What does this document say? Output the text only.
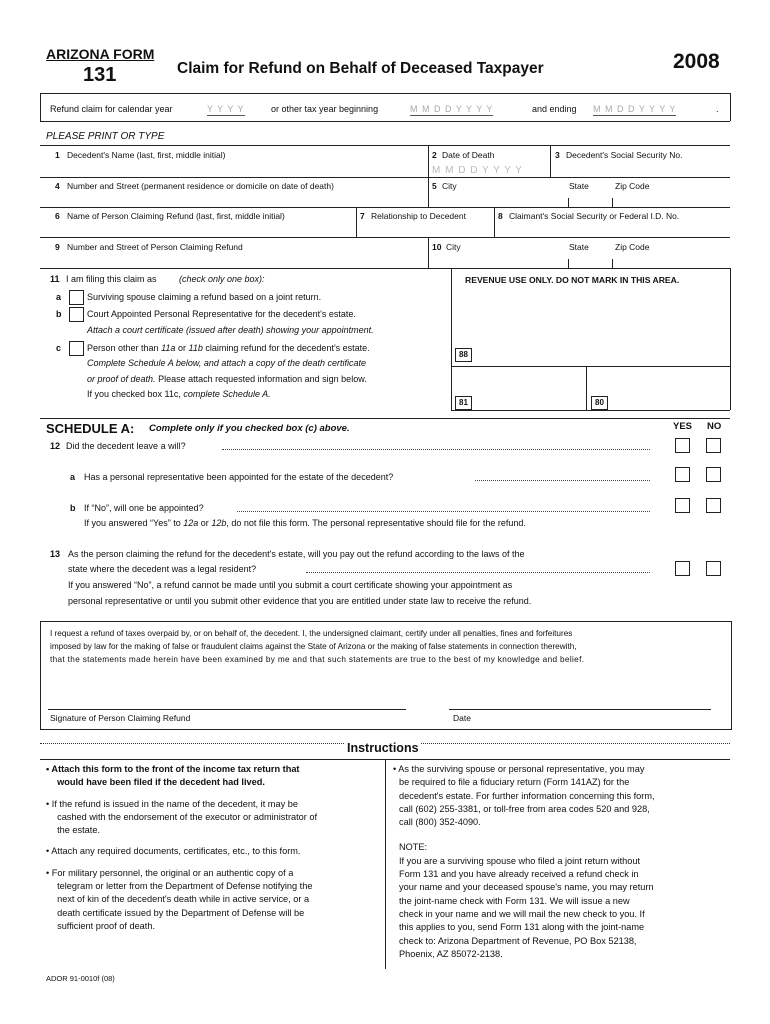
ARIZONA FORM
131	Claim for Refund on Behalf of Deceased Taxpayer	2008
Refund claim for calendar year	Y Y Y Y	or other tax year beginning	M M D D Y Y Y Y	and ending M M D D Y Y Y Y	.
PLEASE PRINT OR TYPE
1 Decedent's Name (last, first, middle initial)	2 Date of Death
M M D D Y Y Y Y
3 Decedent's Social Security No.
4 Number and Street (permanent residence or domicile on date of death)	5 City	State	Zip Code
6 Name of Person Claiming Refund (last, first, middle initial)	7 Relationship to Decedent	8 Claimant's Social Security or Federal I.D. No.
9 Number and Street of Person Claiming Refund	10 City	State	Zip Code
11 I am filing this claim as (check only one box):
a	Surviving spouse claiming a refund based on a joint return.
b	Court Appointed Personal Representative for the decedent's estate.
Attach a court certificate (issued after death) showing your appointment.
c	Person other than 11a or 11b claiming refund for the decedent's estate.
Complete Schedule A below, and attach a copy of the death certificate
or proof of death. Please attach requested information and sign below.
If you checked box 11c, complete Schedule A.
REVENUE USE ONLY. DO NOT MARK IN THIS AREA.
88
81	80
SCHEDULE A: Complete only if you checked box (c) above.	YES NO
12 Did the decedent leave a will?
a Has a personal representative been appointed for the estate of the decedent?
b If “No”, will one be appointed?
If you answered “Yes” to 12a or 12b, do not file this form. The personal representative should file for the refund.
13 As the person claiming the refund for the decedent's estate, will you pay out the refund according to the laws of the
state where the decedent was a legal resident?
If you answered “No”, a refund cannot be made until you submit a court certificate showing your appointment as
personal representative or until you submit other evidence that you are entitled under state law to receive the refund.
I request a refund of taxes overpaid by, or on behalf of, the decedent. I, the undersigned claimant, certify under all penalties, fines and forfeitures
imposed by law for the making of false or fraudulent claims against the State of Arizona or the making of false statements in connection therewith,
that the statements made herein have been examined by me and that such statements are true to the best of my knowledge and belief.
Signature of Person Claiming Refund	Date
Instructions
• Attach this form to the front of the income tax return that
would have been filed if the decedent had lived.
• If the refund is issued in the name of the decedent, it may be
cashed with the endorsement of the executor or administrator of
the estate.
• Attach any required documents, certificates, etc., to this form.
• For military personnel, the original or an authentic copy of a
telegram or letter from the Department of Defense notifying the
next of kin of the decedent's death while in active service, or a
death certificate issued by the Department of Defense will be
sufficient proof of death.
• As the surviving spouse or personal representative, you may
be required to file a fiduciary return (Form 141AZ) for the
decedent's estate. For further information concerning this form,
call (602) 255-3381, or toll-free from area codes 520 and 928,
call (800) 352-4090.
NOTE:
If you are a surviving spouse who filed a joint return without
Form 131 and you have already received a refund check in
your name and your deceased spouse's name, you may return
the joint-name check with Form 131. We will issue a new
check in your name and we will mail the new check to you. If
this applies to you, send Form 131 along with the joint-name
check to: Arizona Department of Revenue, PO Box 52138,
Phoenix, AZ 85072-2138.
ADOR 91-0010f (08)
